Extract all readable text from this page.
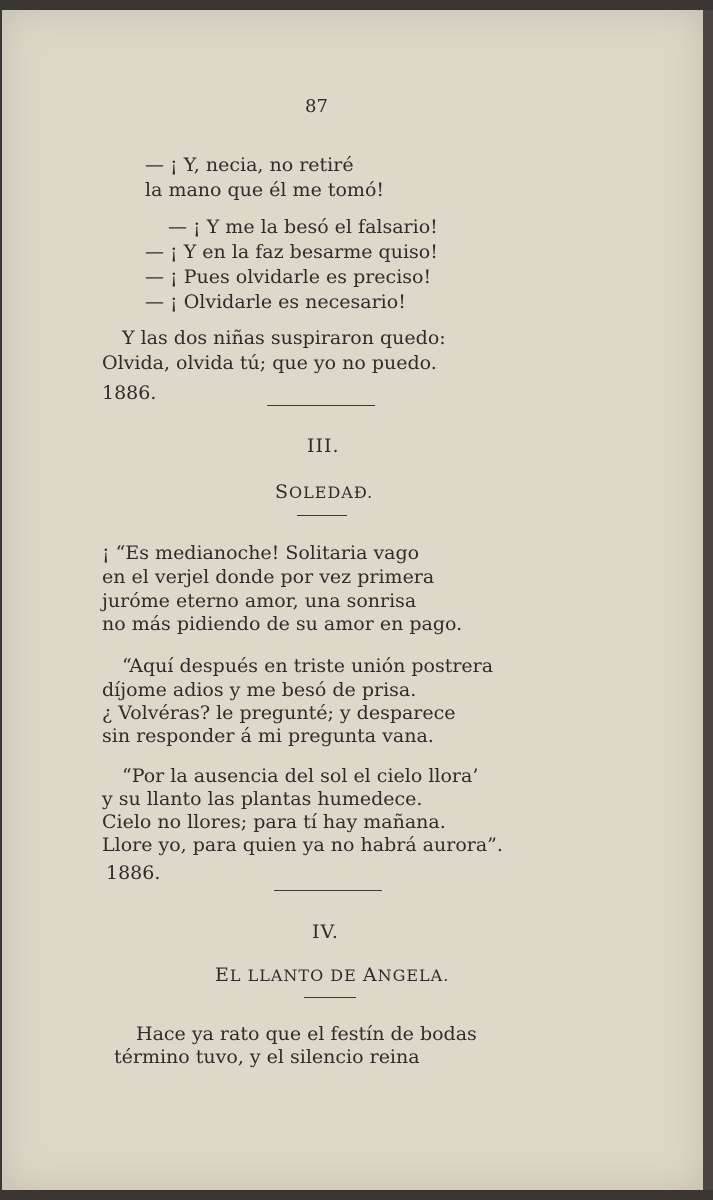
87
— ¡ Y, necia, no retiré
la mano que él me tomó!
— ¡ Y me la besó el falsario!
— ¡ Y en la faz besarme quiso!
— ¡ Pues olvidarle es preciso!
— ¡ Olvidarle es necesario!
Y las dos niñas suspiraron quedo:
Olvida, olvida tú; que yo no puedo.
1886.
III.
SOLEDAĐ.
¡ “Es medianoche! Solitaria vago
en el verjel donde por vez primera
juróme eterno amor, una sonrisa
no más pidiendo de su amor en pago.
“Aquí después en triste unión postrera
díjome adios y me besó de prisa.
¿ Volvéras? le pregunté; y desparece
sin responder á mi pregunta vana.
“Por la ausencia del sol el cielo llora’
y su llanto las plantas humedece.
Cielo no llores; para tí hay mañana.
Llore yo, para quien ya no habrá aurora”.
1886.
IV.
EL LLANTO DE ANGELA.
Hace ya rato que el festín de bodas
término tuvo, y el silencio reina
